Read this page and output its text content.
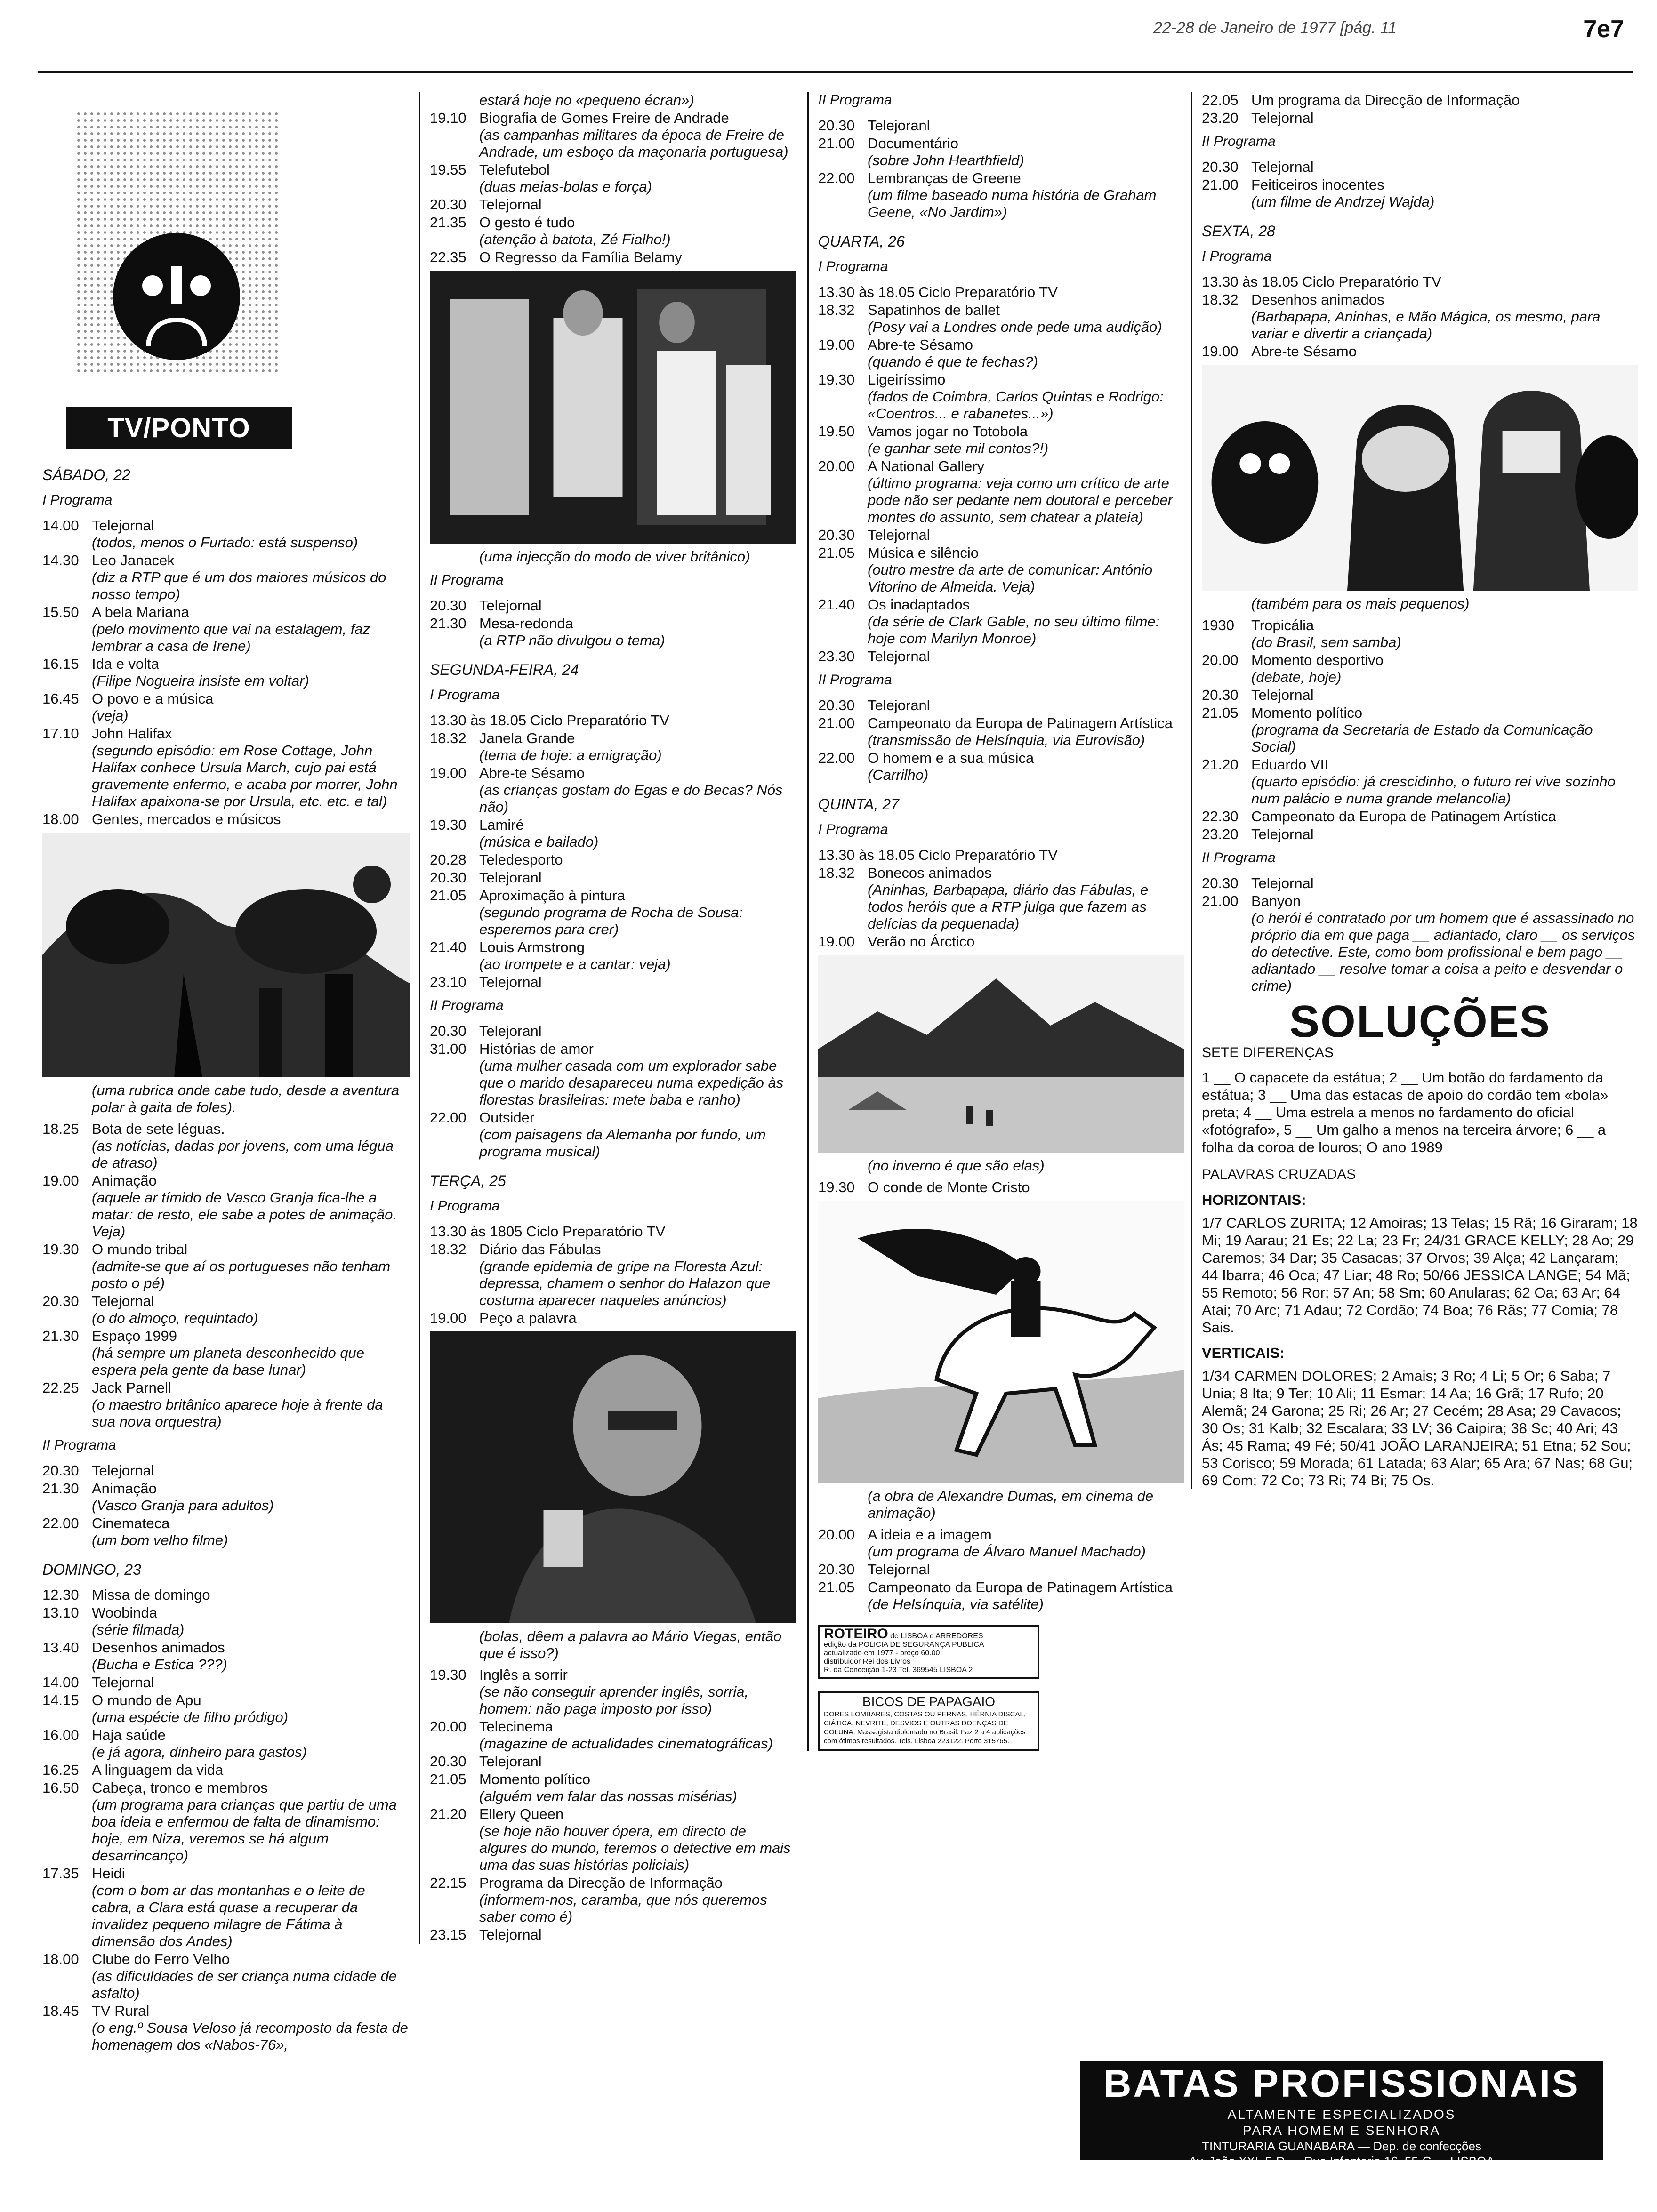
22-28 de Janeiro de 1977 [pág. 11	7e7
TV/PONTO
SÁBADO, 22
I Programa
14.00 Telejornal
(todos, menos o Furtado: está suspenso)
14.30 Leo Janacek
(diz a RTP que é um dos maiores músicos do nosso tempo)
15.50 A bela Mariana
(pelo movimento que vai na estalagem, faz lembrar a casa de Irene)
16.15 Ida e volta
(Filipe Nogueira insiste em voltar)
16.45 O povo e a música
(veja)
17.10 John Halifax
(segundo episódio: em Rose Cottage, John Halifax conhece Ursula March, cujo pai está gravemente enfermo, e acaba por morrer, John Halifax apaixona-se por Ursula, etc. etc. e tal)
18.00 Gentes, mercados e músicos
(uma rubrica onde cabe tudo, desde a aventura polar à gaita de foles).
18.25 Bota de sete léguas.
(as notícias, dadas por jovens, com uma légua de atraso)
19.00 Animação
(aquele ar tímido de Vasco Granja fica-lhe a matar: de resto, ele sabe a potes de animação. Veja)
19.30 O mundo tribal
(admite-se que aí os portugueses não tenham posto o pé)
20.30 Telejornal
(o do almoço, requintado)
21.30 Espaço 1999
(há sempre um planeta desconhecido que espera pela gente da base lunar)
22.25 Jack Parnell
(o maestro britânico aparece hoje à frente da sua nova orquestra)
II Programa
20.30 Telejornal
21.30 Animação
(Vasco Granja para adultos)
22.00 Cinemateca
(um bom velho filme)
DOMINGO, 23
12.30 Missa de domingo
13.10 Woobinda
(série filmada)
13.40 Desenhos animados
(Bucha e Estica ???)
14.00 Telejornal
14.15 O mundo de Apu
(uma espécie de filho pródigo)
16.00 Haja saúde
(e já agora, dinheiro para gastos)
16.25 A linguagem da vida
16.50 Cabeça, tronco e membros
(um programa para crianças que partiu de uma boa ideia e enfermou de falta de dinamismo: hoje, em Niza, veremos se há algum desarrincanço)
17.35 Heidi
(com o bom ar das montanhas e o leite de cabra, a Clara está quase a recuperar da invalidez pequeno milagre de Fátima à dimensão dos Andes)
18.00 Clube do Ferro Velho
(as dificuldades de ser criança numa cidade de asfalto)
18.45 TV Rural
(o eng.º Sousa Veloso já recomposto da festa de homenagem dos «Nabos-76»,
estará hoje no «pequeno écran»)
19.10 Biografia de Gomes Freire de Andrade
(as campanhas militares da época de Freire de Andrade, um esboço da maçonaria portuguesa)
19.55 Telefutebol
(duas meias-bolas e força)
20.30 Telejornal
21.35 O gesto é tudo
(atenção à batota, Zé Fialho!)
22.35 O Regresso da Família Belamy
(uma injecção do modo de viver britânico)
II Programa
20.30 Telejornal
21.30 Mesa-redonda
(a RTP não divulgou o tema)
SEGUNDA-FEIRA, 24
I Programa
13.30 às 18.05 Ciclo Preparatório TV
18.32 Janela Grande
(tema de hoje: a emigração)
19.00 Abre-te Sésamo
(as crianças gostam do Egas e do Becas? Nós não)
19.30 Lamiré
(música e bailado)
20.28 Teledesporto
20.30 Telejoranl
21.05 Aproximação à pintura
(segundo programa de Rocha de Sousa: esperemos para crer)
21.40 Louis Armstrong
(ao trompete e a cantar: veja)
23.10 Telejornal
II Programa
20.30 Telejoranl
31.00 Histórias de amor
(uma mulher casada com um explorador sabe que o marido desapareceu numa expedição às florestas brasileiras: mete baba e ranho)
22.00 Outsider
(com paisagens da Alemanha por fundo, um programa musical)
TERÇA, 25
I Programa
13.30 às 1805 Ciclo Preparatório TV
18.32 Diário das Fábulas
(grande epidemia de gripe na Floresta Azul: depressa, chamem o senhor do Halazon que costuma aparecer naqueles anúncios)
19.00 Peço a palavra
(bolas, dêem a palavra ao Mário Viegas, então que é isso?)
19.30 Inglês a sorrir
(se não conseguir aprender inglês, sorria, homem: não paga imposto por isso)
20.00 Telecinema
(magazine de actualidades cinematográficas)
20.30 Telejoranl
21.05 Momento político
(alguém vem falar das nossas misérias)
21.20 Ellery Queen
(se hoje não houver ópera, em directo de algures do mundo, teremos o detective em mais uma das suas histórias policiais)
22.15 Programa da Direcção de Informação
(informem-nos, caramba, que nós queremos saber como é)
23.15 Telejornal
II Programa
20.30 Telejoranl
21.00 Documentário
(sobre John Hearthfield)
22.00 Lembranças de Greene
(um filme baseado numa história de Graham Geene, «No Jardim»)
QUARTA, 26
I Programa
13.30 às 18.05 Ciclo Preparatório TV
18.32 Sapatinhos de ballet
(Posy vai a Londres onde pede uma audição)
19.00 Abre-te Sésamo
(quando é que te fechas?)
19.30 Ligeiríssimo
(fados de Coimbra, Carlos Quintas e Rodrigo: «Coentros... e rabanetes...»)
19.50 Vamos jogar no Totobola
(e ganhar sete mil contos?!)
20.00 A National Gallery
(último programa: veja como um crítico de arte pode não ser pedante nem doutoral e perceber montes do assunto, sem chatear a plateia)
20.30 Telejornal
21.05 Música e silêncio
(outro mestre da arte de comunicar: António Vitorino de Almeida. Veja)
21.40 Os inadaptados
(da série de Clark Gable, no seu último filme: hoje com Marilyn Monroe)
23.30 Telejornal
II Programa
20.30 Telejoranl
21.00 Campeonato da Europa de Patinagem Artística
(transmissão de Helsínquia, via Eurovisão)
22.00 O homem e a sua música
(Carrilho)
QUINTA, 27
I Programa
13.30 às 18.05 Ciclo Preparatório TV
18.32 Bonecos animados
(Aninhas, Barbapapa, diário das Fábulas, e todos heróis que a RTP julga que fazem as delícias da pequenada)
19.00 Verão no Árctico
(no inverno é que são elas)
19.30 O conde de Monte Cristo
(a obra de Alexandre Dumas, em cinema de animação)
20.00 A ideia e a imagem
(um programa de Álvaro Manuel Machado)
20.30 Telejornal
21.05 Campeonato da Europa de Patinagem Artística
(de Helsínquia, via satélite)
ROTEIRO de LISBOA e ARREDORES
edição da POLICIA DE SEGURANÇA PUBLICA
actualizado em 1977 - preço 60.00
distribuidor Rei dos Livros
R. da Conceição 1-23 Tel. 369545 LISBOA 2
BICOS DE PAPAGAIO
DORES LOMBARES, COSTAS OU PERNAS, HÉRNIA DISCAL, CIÁTICA, NEVRITE, DESVIOS E OUTRAS DOENÇAS DE COLUNA. Massagista diplomado no Brasil. Faz 2 a 4 aplicações com ótimos resultados. Tels. Lisboa 223122. Porto 315765.
22.05 Um programa da Direcção de Informação
23.20 Telejornal
II Programa
20.30 Telejornal
21.00 Feiticeiros inocentes
(um filme de Andrzej Wajda)
SEXTA, 28
I Programa
13.30 às 18.05 Ciclo Preparatório TV
18.32 Desenhos animados
(Barbapapa, Aninhas, e Mão Mágica, os mesmo, para variar e divertir a criançada)
19.00 Abre-te Sésamo
(também para os mais pequenos)
1930	Tropicália
(do Brasil, sem samba)
20.00 Momento desportivo
(debate, hoje)
20.30 Telejornal
21.05 Momento político
(programa da Secretaria de Estado da Comunicação Social)
21.20 Eduardo VII
(quarto episódio: já crescidinho, o futuro rei vive sozinho num palácio e numa grande melancolia)
22.30 Campeonato da Europa de Patinagem Artística
23.20 Telejornal
II Programa
20.30 Telejornal
21.00 Banyon
(o herói é contratado por um homem que é assassinado no próprio dia em que paga __ adiantado, claro __ os serviços do detective. Este, como bom profissional e bem pago __ adiantado __ resolve tomar a coisa a peito e desvendar o crime)
SOLUÇÕES
SETE DIFERENÇAS
1 __ O capacete da estátua; 2 __ Um botão do fardamento da estátua; 3 __ Uma das estacas de apoio do cordão tem «bola» preta; 4 __ Uma estrela a menos no fardamento do oficial «fotógrafo», 5 __ Um galho a menos na terceira árvore; 6 __ a folha da coroa de louros; O ano 1989
PALAVRAS CRUZADAS
HORIZONTAIS:
1/7 CARLOS ZURITA; 12 Amoiras; 13 Telas; 15 Rã; 16 Giraram; 18 Mi; 19 Aarau; 21 Es; 22 La; 23 Fr; 24/31 GRACE KELLY; 28 Ao; 29 Caremos; 34 Dar; 35 Casacas; 37 Orvos; 39 Alça; 42 Lançaram; 44 Ibarra; 46 Oca; 47 Liar; 48 Ro; 50/66 JESSICA LANGE; 54 Mã; 55 Remoto; 56 Ror; 57 An; 58 Sm; 60 Anularas; 62 Oa; 63 Ar; 64 Atai; 70 Arc; 71 Adau; 72 Cordão; 74 Boa; 76 Rãs; 77 Comia; 78 Sais.
VERTICAIS:
1/34 CARMEN DOLORES; 2 Amais; 3 Ro; 4 Li; 5 Or; 6 Saba; 7 Unia; 8 Ita; 9 Ter; 10 Ali; 11 Esmar; 14 Aa; 16 Grã; 17 Rufo; 20 Alemã; 24 Garona; 25 Ri; 26 Ar; 27 Cecém; 28 Asa; 29 Cavacos; 30 Os; 31 Kalb; 32 Escalara; 33 LV; 36 Caipira; 38 Sc; 40 Ari; 43 Ás; 45 Rama; 49 Fé; 50/41 JOÃO LARANJEIRA; 51 Etna; 52 Sou; 53 Corisco; 59 Morada; 61 Latada; 63 Alar; 65 Ara; 67 Nas; 68 Gu; 69 Com; 72 Co; 73 Ri; 74 Bi; 75 Os.
BATAS PROFISSIONAIS
ALTAMENTE ESPECIALIZADOS
PARA HOMEM E SENHORA
TINTURARIA GUANABARA — Dep. de confecções
Av. João XXI, 5-D — Rua Infantaria 16, 55-C — LISBOA
